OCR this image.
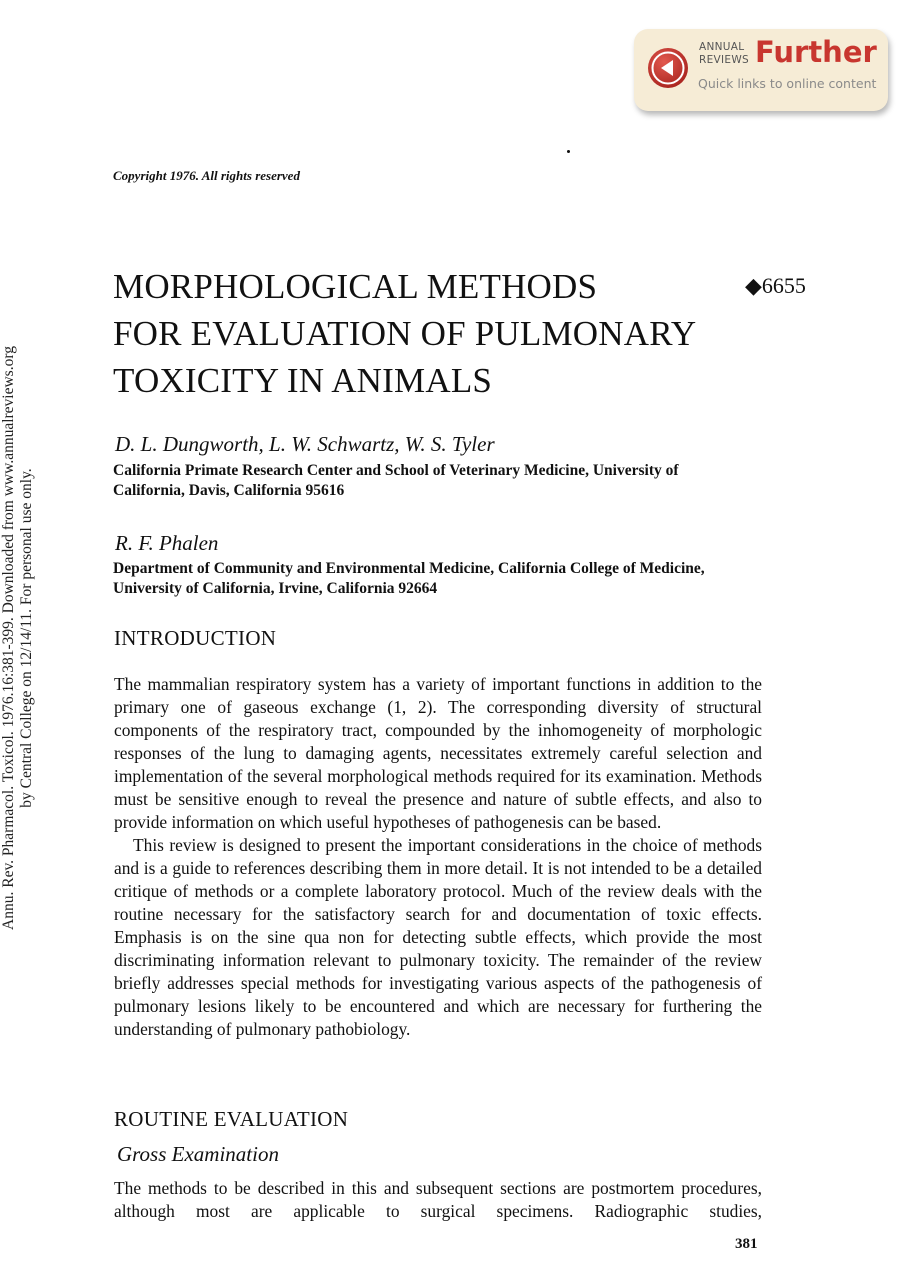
Annu. Rev. Pharmacol. Toxicol. 1976.16:381-399. Downloaded from www.annualreviews.org by Central College on 12/14/11. For personal use only.
ANNUAL
REVIEWS Further
Quick links to online content
Copyright 1976. All rights reserved
MORPHOLOGICAL METHODS
FOR EVALUATION OF PULMONARY
TOXICITY IN ANIMALS
◆6655
D. L. Dungworth, L. W. Schwartz, W. S. Tyler
California Primate Research Center and School of Veterinary Medicine, University of
California, Davis, California 95616
R. F. Phalen
Department of Community and Environmental Medicine, California College of Medicine,
University of California, Irvine, California 92664
INTRODUCTION

The mammalian respiratory system has a variety of important functions in addition to the primary one of gaseous exchange (1, 2). The corresponding diversity of structural components of the respiratory tract, compounded by the inhomogeneity of morphologic responses of the lung to damaging agents, necessitates extremely careful selection and implementation of the several morphological methods required for its examination. Methods must be sensitive enough to reveal the presence and nature of subtle effects, and also to provide information on which useful hypotheses of pathogenesis can be based.

This review is designed to present the important considerations in the choice of methods and is a guide to references describing them in more detail. It is not intended to be a detailed critique of methods or a complete laboratory protocol. Much of the review deals with the routine necessary for the satisfactory search for and documentation of toxic effects. Emphasis is on the sine qua non for detecting subtle effects, which provide the most discriminating information relevant to pulmonary toxicity. The remainder of the review briefly addresses special methods for investigating various aspects of the pathogenesis of pulmonary lesions likely to be encountered and which are necessary for furthering the understanding of pulmonary pathobiology.

ROUTINE EVALUATION
Gross Examination

The methods to be described in this and subsequent sections are postmortem procedures, although most are applicable to surgical specimens. Radiographic studies,

381
